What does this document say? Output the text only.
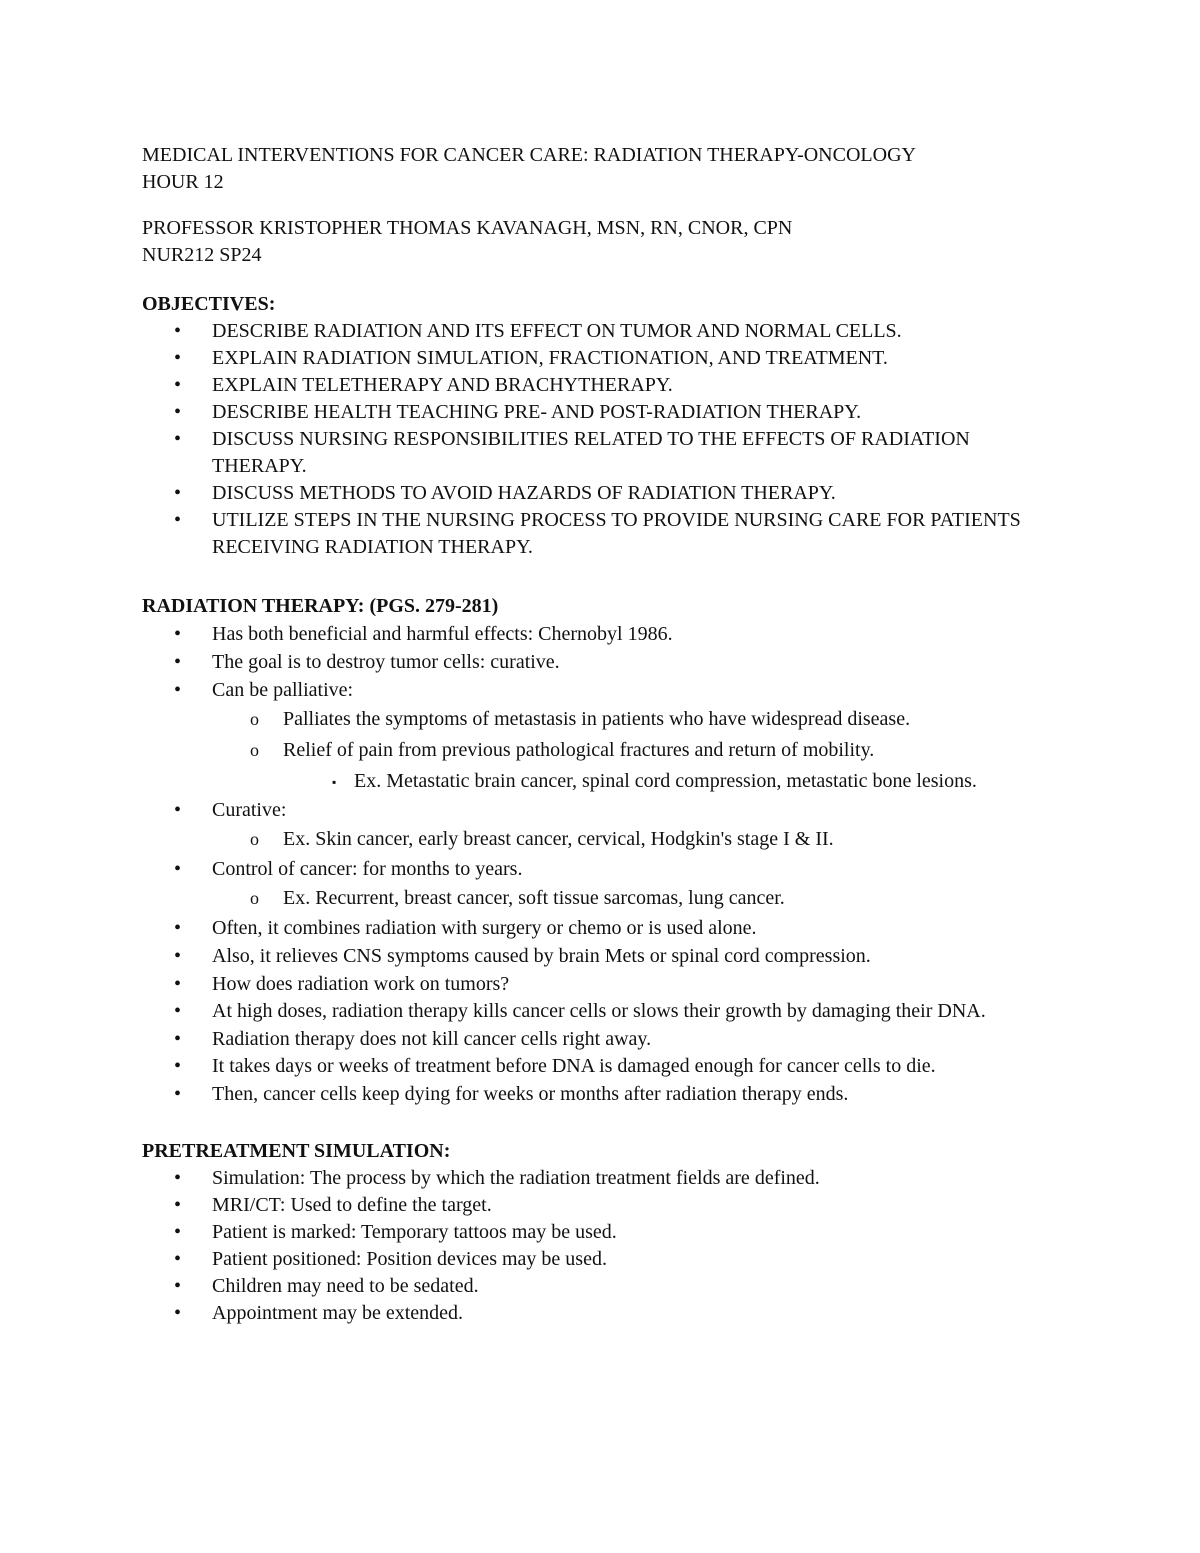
MEDICAL INTERVENTIONS FOR CANCER CARE: RADIATION THERAPY-ONCOLOGY

HOUR 12

PROFESSOR KRISTOPHER THOMAS KAVANAGH, MSN, RN, CNOR, CPN

NUR212 SP24

OBJECTIVES:

• DESCRIBE RADIATION AND ITS EFFECT ON TUMOR AND NORMAL CELLS.
• EXPLAIN RADIATION SIMULATION, FRACTIONATION, AND TREATMENT.
• EXPLAIN TELETHERAPY AND BRACHYTHERAPY.
• DESCRIBE HEALTH TEACHING PRE- AND POST-RADIATION THERAPY.
• DISCUSS NURSING RESPONSIBILITIES RELATED TO THE EFFECTS OF RADIATION THERAPY.
• DISCUSS METHODS TO AVOID HAZARDS OF RADIATION THERAPY.
• UTILIZE STEPS IN THE NURSING PROCESS TO PROVIDE NURSING CARE FOR PATIENTS RECEIVING RADIATION THERAPY.

RADIATION THERAPY: (PGS. 279-281)

• Has both beneficial and harmful effects: Chernobyl 1986.
• The goal is to destroy tumor cells: curative.
• Can be palliative:
o Palliates the symptoms of metastasis in patients who have widespread disease.
o Relief of pain from previous pathological fractures and return of mobility.
▪ Ex. Metastatic brain cancer, spinal cord compression, metastatic bone lesions.
• Curative:
o Ex. Skin cancer, early breast cancer, cervical, Hodgkin's stage I & II.
• Control of cancer: for months to years.
o Ex. Recurrent, breast cancer, soft tissue sarcomas, lung cancer.
• Often, it combines radiation with surgery or chemo or is used alone.
• Also, it relieves CNS symptoms caused by brain Mets or spinal cord compression.
• How does radiation work on tumors?
• At high doses, radiation therapy kills cancer cells or slows their growth by damaging their DNA.
• Radiation therapy does not kill cancer cells right away.
• It takes days or weeks of treatment before DNA is damaged enough for cancer cells to die.
• Then, cancer cells keep dying for weeks or months after radiation therapy ends.

PRETREATMENT SIMULATION:

• Simulation: The process by which the radiation treatment fields are defined.
• MRI/CT: Used to define the target.
• Patient is marked: Temporary tattoos may be used.
• Patient positioned: Position devices may be used.
• Children may need to be sedated.
• Appointment may be extended.
